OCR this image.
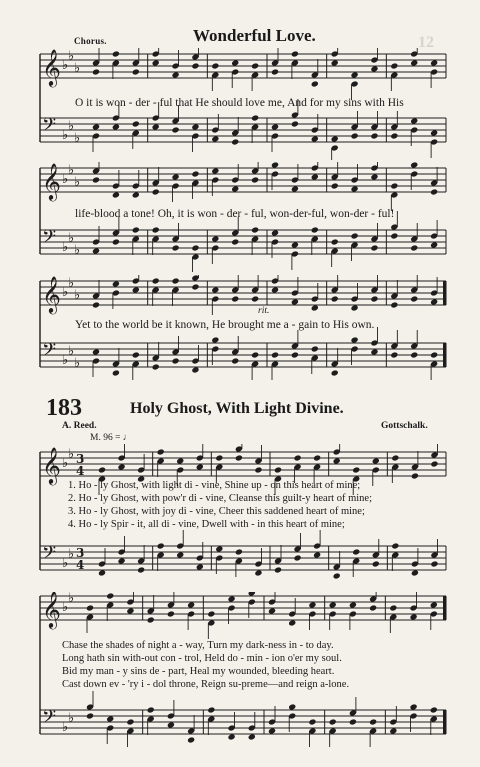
12
Chorus.	Wonderful Love.
𝄞 ♭
♭
♭
𝄢 ♭
♭
♭
O it is won - der - ful that He should love me, And for my sins with His
𝄞 ♭
♭
♭
𝄢 ♭
♭
♭
life-blood a tone! Oh, it is won - der - ful, won-der-ful, won-der - ful!
𝄞 ♭
♭
♭
𝄢 ♭
♭
♭
rit.
Yet to the world be it known, He brought me a - gain to His own.
183	Holy Ghost, With Light Divine.
A. Reed.	Gottschalk.
M. 96 = ♩
𝄞 ♭
♭ 3
4
𝄢 ♭
♭ 3
4
1. Ho - ly Ghost, with light di - vine, Shine up - on this heart of mine;
2. Ho - ly Ghost, with pow'r di - vine, Cleanse this guilt-y heart of mine;
3. Ho - ly Ghost, with joy di - vine, Cheer this saddened heart of mine;
4. Ho - ly Spir - it, all di - vine, Dwell with - in this heart of mine;
𝄞 ♭
♭
𝄢 ♭
♭
Chase the shades of night a - way, Turn my dark-ness in - to day.
Long hath sin with-out con - trol, Held do - min - ion o'er my soul.
Bid my man - y sins de - part, Heal my wounded, bleeding heart.
Cast down ev - 'ry i - dol throne, Reign su-preme—and reign a-lone.
